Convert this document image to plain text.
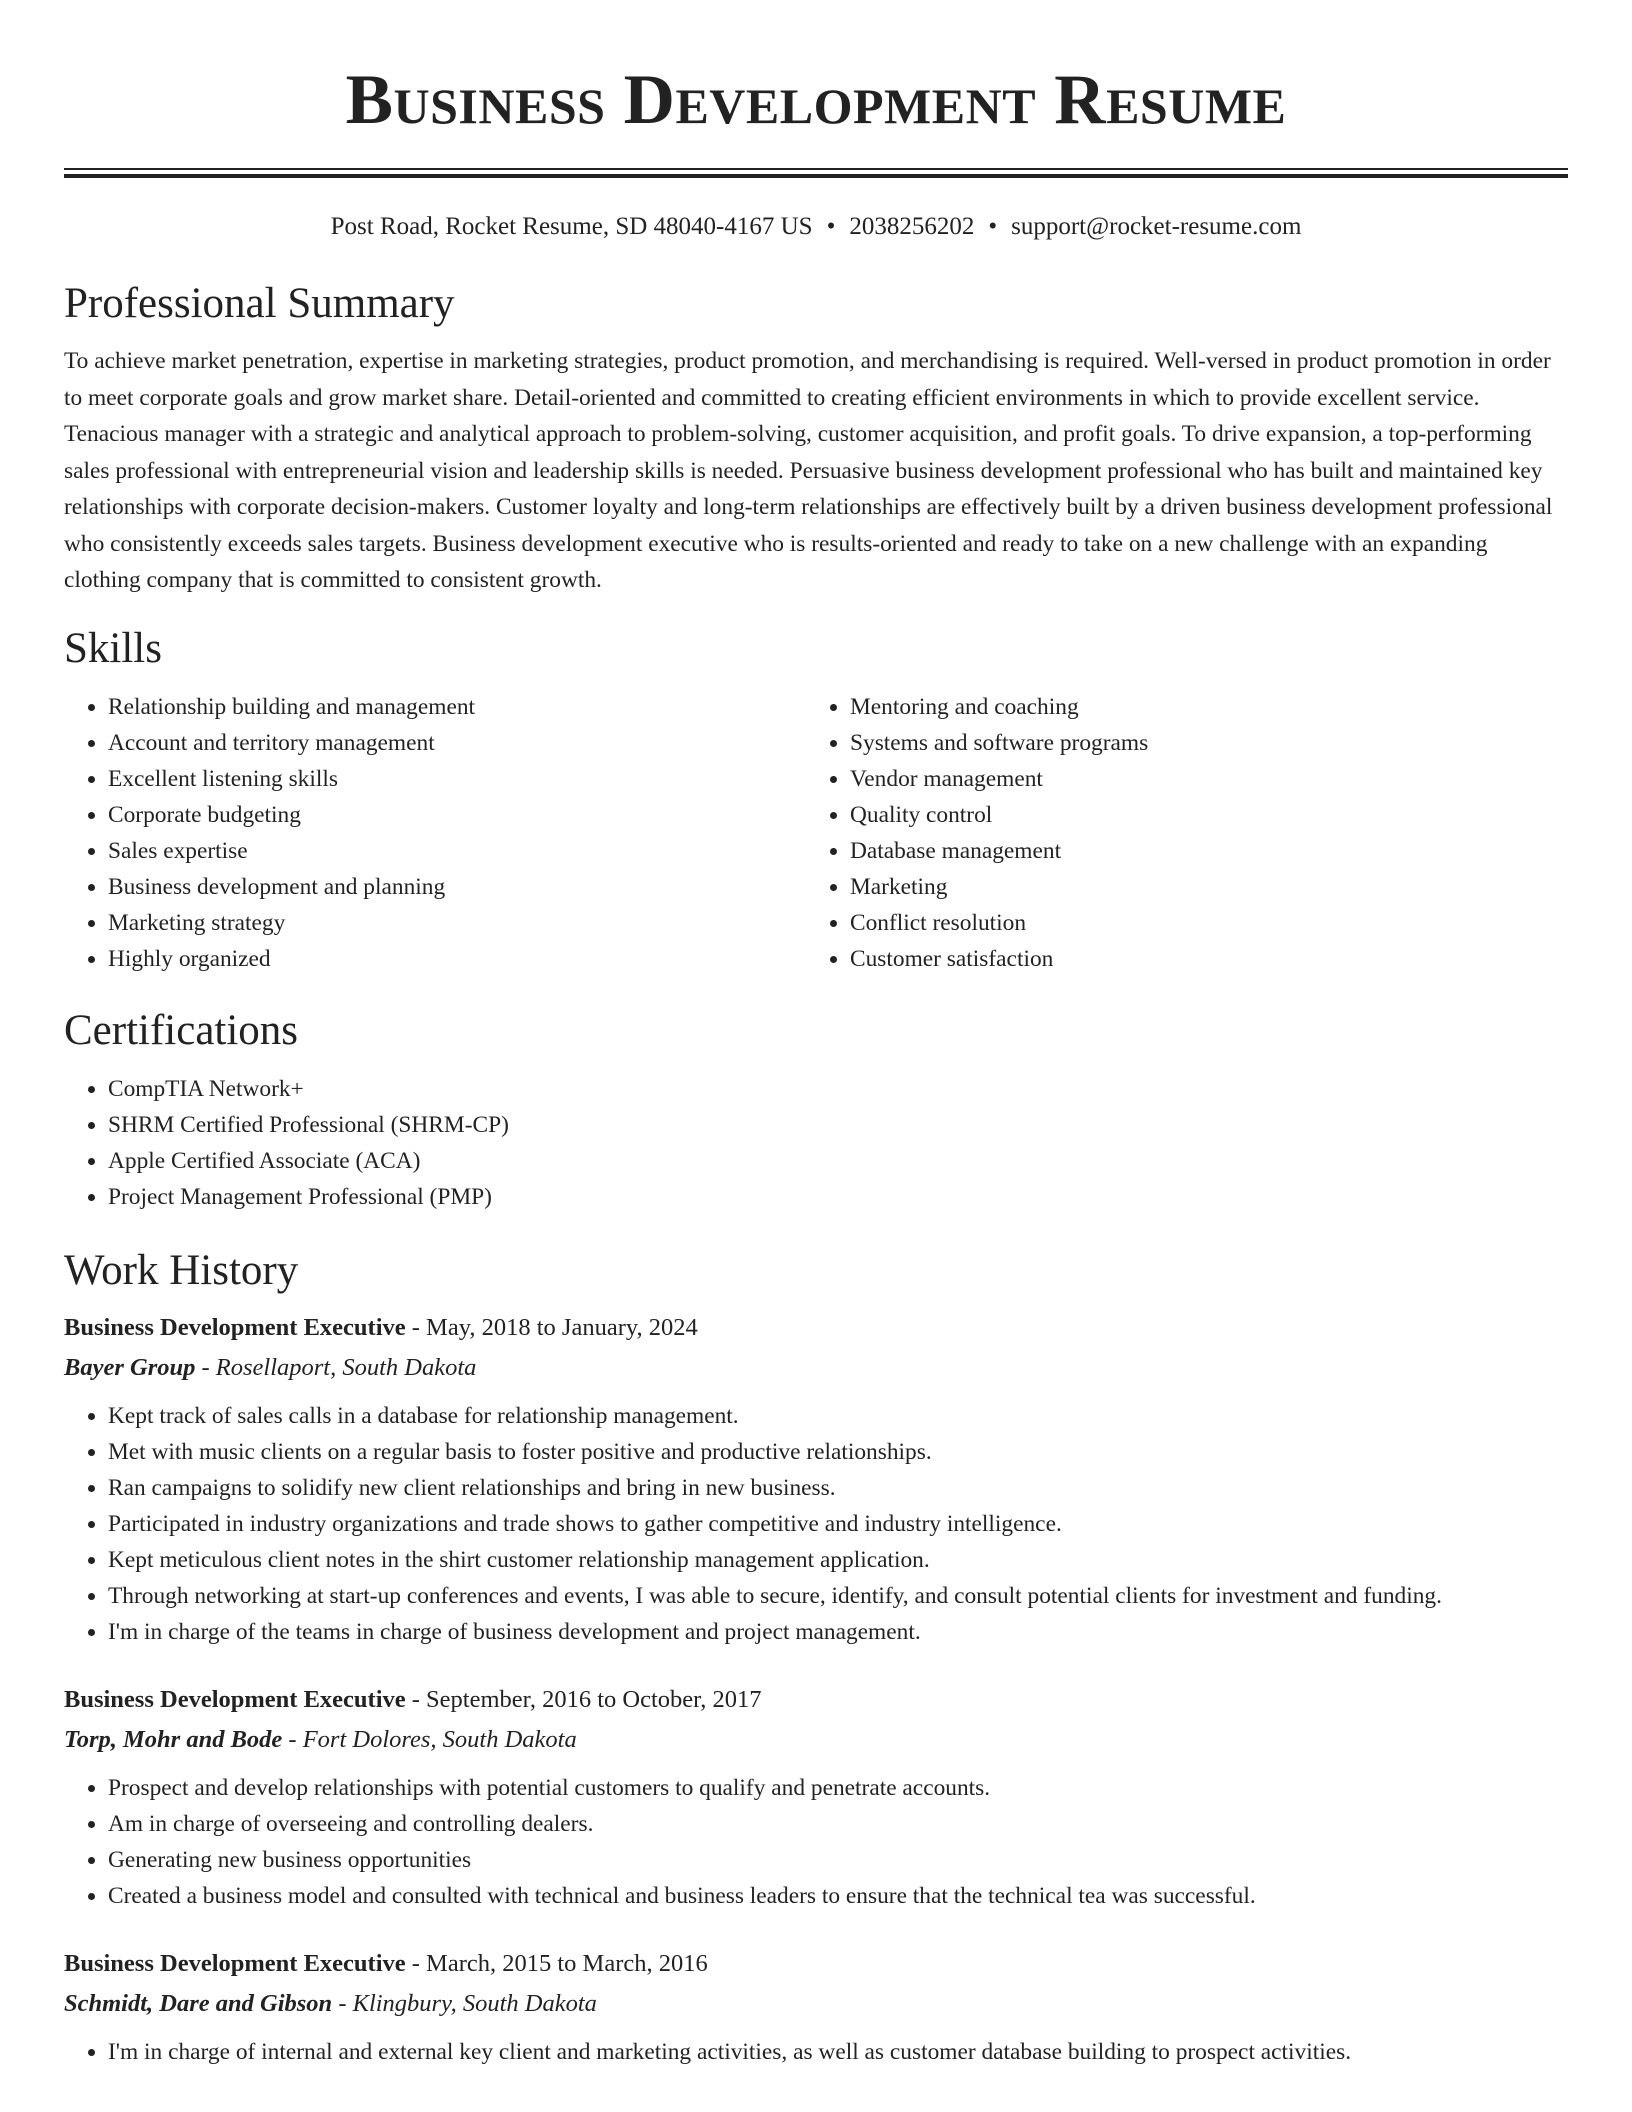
Business Development Resume
Post Road, Rocket Resume, SD 48040-4167 US • 2038256202 • support@rocket-resume.com
Professional Summary

To achieve market penetration, expertise in marketing strategies, product promotion, and merchandising is required. Well-versed in product promotion in order to meet corporate goals and grow market share. Detail-oriented and committed to creating efficient environments in which to provide excellent service. Tenacious manager with a strategic and analytical approach to problem-solving, customer acquisition, and profit goals. To drive expansion, a top-performing sales professional with entrepreneurial vision and leadership skills is needed. Persuasive business development professional who has built and maintained key relationships with corporate decision-makers. Customer loyalty and long-term relationships are effectively built by a driven business development professional who consistently exceeds sales targets. Business development executive who is results-oriented and ready to take on a new challenge with an expanding clothing company that is committed to consistent growth.

Skills
• Relationship building and management
• Account and territory management
• Excellent listening skills
• Corporate budgeting
• Sales expertise
• Business development and planning
• Marketing strategy
• Highly organized
• Mentoring and coaching
• Systems and software programs
• Vendor management
• Quality control
• Database management
• Marketing
• Conflict resolution
• Customer satisfaction
Certifications
• CompTIA Network+
• SHRM Certified Professional (SHRM-CP)
• Apple Certified Associate (ACA)
• Project Management Professional (PMP)
Work History

Business Development Executive - May, 2018 to January, 2024

Bayer Group - Rosellaport, South Dakota

• Kept track of sales calls in a database for relationship management.
• Met with music clients on a regular basis to foster positive and productive relationships.
• Ran campaigns to solidify new client relationships and bring in new business.
• Participated in industry organizations and trade shows to gather competitive and industry intelligence.
• Kept meticulous client notes in the shirt customer relationship management application.
• Through networking at start-up conferences and events, I was able to secure, identify, and consult potential clients for investment and funding.
• I'm in charge of the teams in charge of business development and project management.

Business Development Executive - September, 2016 to October, 2017

Torp, Mohr and Bode - Fort Dolores, South Dakota

• Prospect and develop relationships with potential customers to qualify and penetrate accounts.
• Am in charge of overseeing and controlling dealers.
• Generating new business opportunities
• Created a business model and consulted with technical and business leaders to ensure that the technical tea was successful.

Business Development Executive - March, 2015 to March, 2016

Schmidt, Dare and Gibson - Klingbury, South Dakota

• I'm in charge of internal and external key client and marketing activities, as well as customer database building to prospect activities.
